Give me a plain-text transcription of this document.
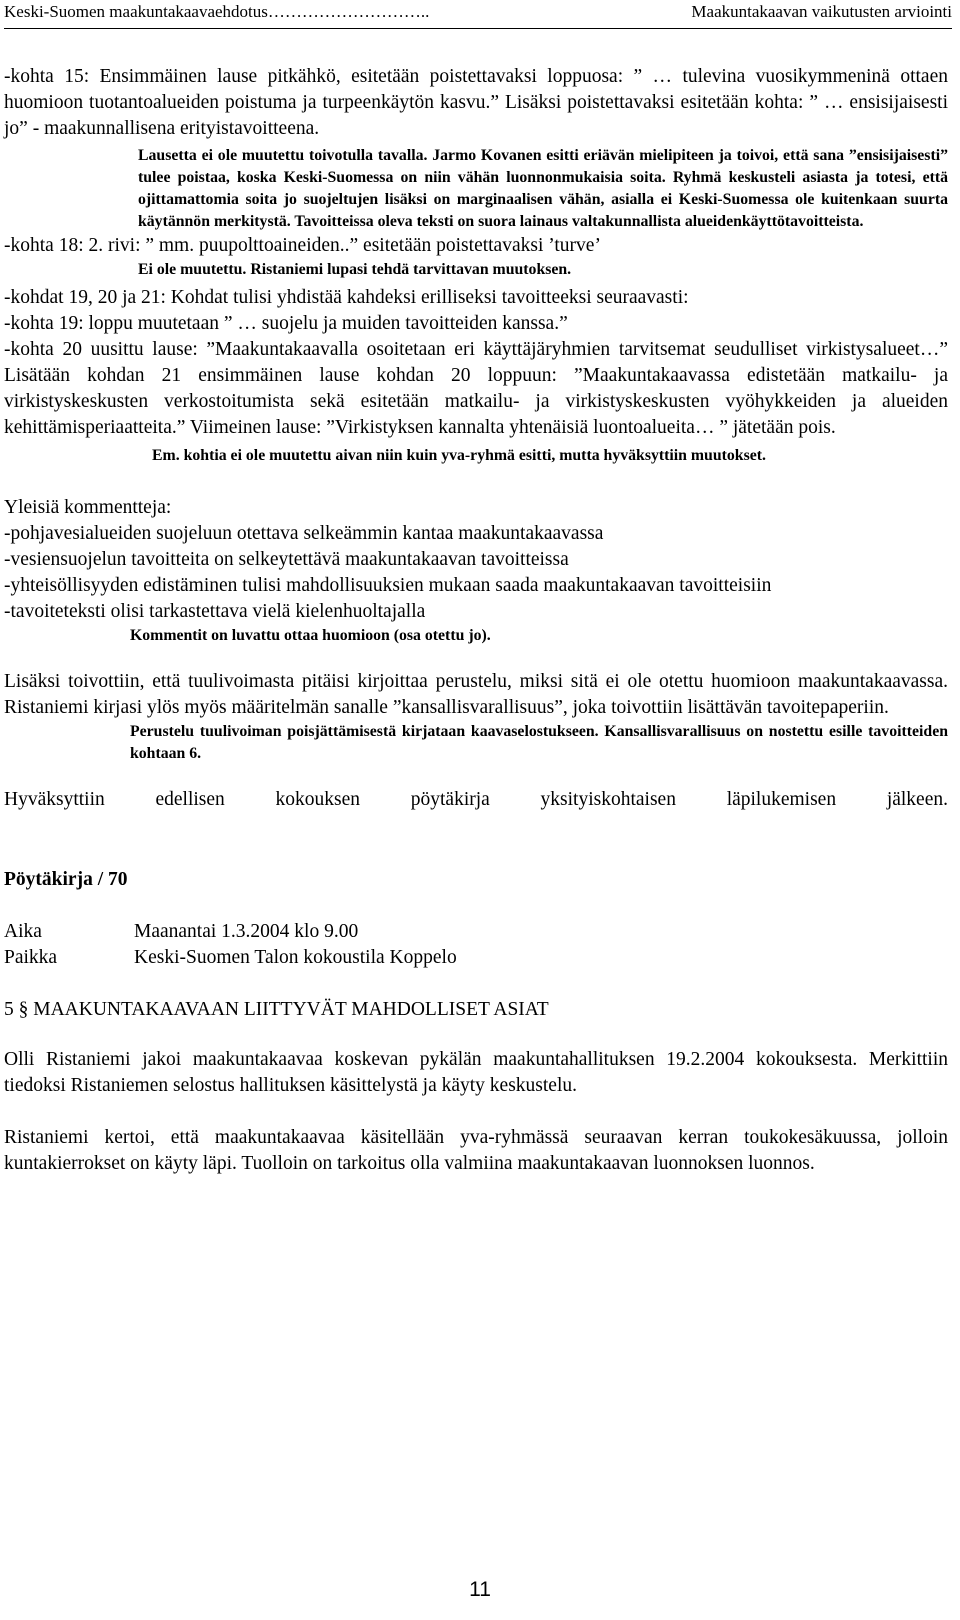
Keski-Suomen maakuntakaavaehdotus………………………..	Maakuntakaavan vaikutusten arviointi

-kohta 15: Ensimmäinen lause pitkähkö, esitetään poistettavaksi loppuosa: ” … tulevina vuosikymmeninä ottaen huomioon tuotantoalueiden poistuma ja turpeenkäytön kasvu.” Lisäksi poistettavaksi esitetään kohta: ” … ensisijaisesti jo” - maakunnallisena erityistavoitteena.

Lausetta ei ole muutettu toivotulla tavalla. Jarmo Kovanen esitti eriävän mielipiteen ja toivoi, että sana ”ensisijaisesti” tulee poistaa, koska Keski-Suomessa on niin vähän luonnonmukaisia soita. Ryhmä keskusteli asiasta ja totesi, että ojittamattomia soita jo suojeltujen lisäksi on marginaalisen vähän, asialla ei Keski-Suomessa ole kuitenkaan suurta käytännön merkitystä. Tavoitteissa oleva teksti on suora lainaus valtakunnallista alueidenkäyttötavoitteista.

-kohta 18: 2. rivi: ” mm. puupolttoaineiden..” esitetään poistettavaksi ’turve’

Ei ole muutettu. Ristaniemi lupasi tehdä tarvittavan muutoksen.

-kohdat 19, 20 ja 21: Kohdat tulisi yhdistää kahdeksi erilliseksi tavoitteeksi seuraavasti:

-kohta 19: loppu muutetaan ” … suojelu ja muiden tavoitteiden kanssa.”

-kohta 20 uusittu lause: ”Maakuntakaavalla osoitetaan eri käyttäjäryhmien tarvitsemat seudulliset virkistysalueet…” Lisätään kohdan 21 ensimmäinen lause kohdan 20 loppuun: ”Maakuntakaavassa edistetään matkailu- ja virkistyskeskusten verkostoitumista sekä esitetään matkailu- ja virkistyskeskusten vyöhykkeiden ja alueiden kehittämisperiaatteita.” Viimeinen lause: ”Virkistyksen kannalta yhtenäisiä luontoalueita… ” jätetään pois.

Em. kohtia ei ole muutettu aivan niin kuin yva-ryhmä esitti, mutta hyväksyttiin muutokset.

Yleisiä kommentteja:

-pohjavesialueiden suojeluun otettava selkeämmin kantaa maakuntakaavassa

-vesiensuojelun tavoitteita on selkeytettävä maakuntakaavan tavoitteissa

-yhteisöllisyyden edistäminen tulisi mahdollisuuksien mukaan saada maakuntakaavan tavoitteisiin

-tavoiteteksti olisi tarkastettava vielä kielenhuoltajalla

Kommentit on luvattu ottaa huomioon (osa otettu jo).

Lisäksi toivottiin, että tuulivoimasta pitäisi kirjoittaa perustelu, miksi sitä ei ole otettu huomioon maakuntakaavassa. Ristaniemi kirjasi ylös myös määritelmän sanalle ”kansallisvarallisuus”, joka toivottiin lisättävän tavoitepaperiin.

Perustelu tuulivoiman poisjättämisestä kirjataan kaavaselostukseen. Kansallisvarallisuus on nostettu esille tavoitteiden kohtaan 6.

Hyväksyttiin edellisen kokouksen pöytäkirja yksityiskohtaisen läpilukemisen jälkeen.

Pöytäkirja / 70

Aika	Maanantai 1.3.2004 klo 9.00
Paikka	Keski-Suomen Talon kokoustila Koppelo

5 § MAAKUNTAKAAVAAN LIITTYVÄT MAHDOLLISET ASIAT

Olli Ristaniemi jakoi maakuntakaavaa koskevan pykälän maakuntahallituksen 19.2.2004 kokouksesta. Merkittiin tiedoksi Ristaniemen selostus hallituksen käsittelystä ja käyty keskustelu.

Ristaniemi kertoi, että maakuntakaavaa käsitellään yva-ryhmässä seuraavan kerran toukokesäkuussa, jolloin kuntakierrokset on käyty läpi. Tuolloin on tarkoitus olla valmiina maakuntakaavan luonnoksen luonnos.

11
